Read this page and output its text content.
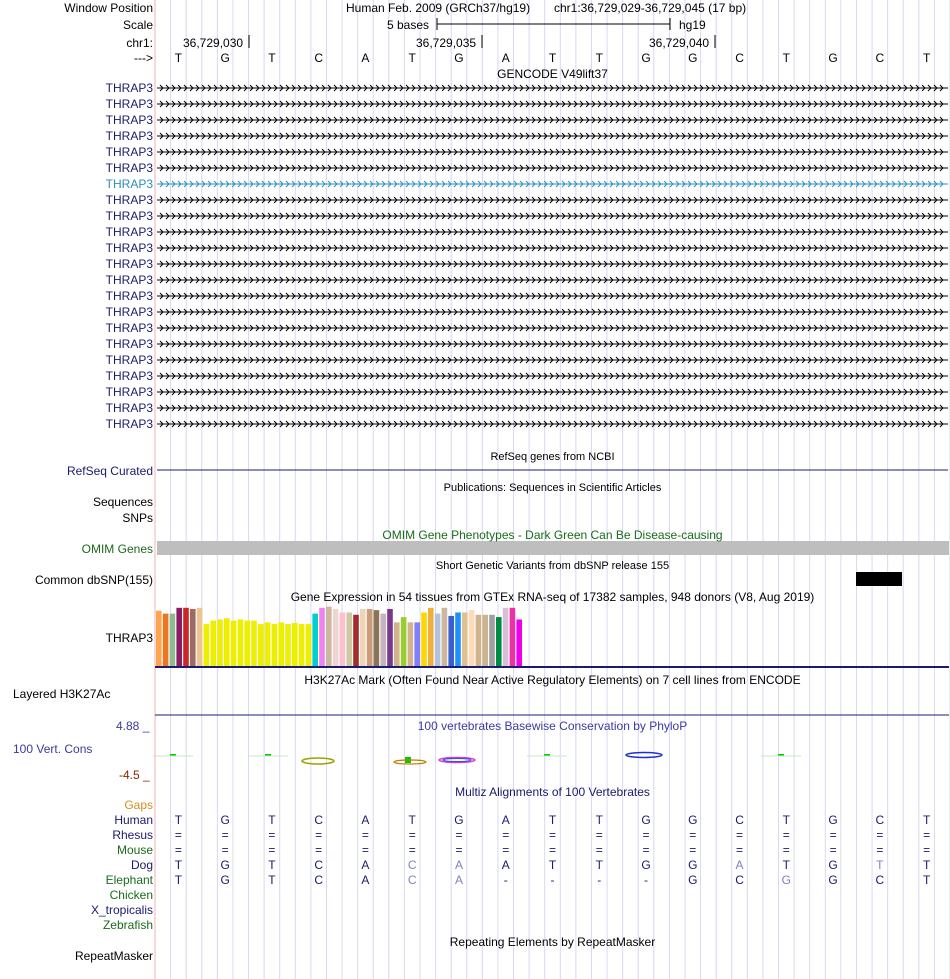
Window Position	Human Feb. 2009 (GRCh37/hg19) chr1:36,729,029-36,729,045 (17 bp)
Scale	5 bases	hg19
chr1:	36,729,030	36,729,035	36,729,040
--->	T	G	T	C	A	T	G	A	T	T	G	G	C	T	G	C	T
GENCODE V49lift37
THRAP3
THRAP3
THRAP3
THRAP3
THRAP3
THRAP3
THRAP3
THRAP3
THRAP3
THRAP3
THRAP3
THRAP3
THRAP3
THRAP3
THRAP3
THRAP3
THRAP3
THRAP3
THRAP3
THRAP3
THRAP3
THRAP3
RefSeq genes from NCBI
RefSeq Curated
Publications: Sequences in Scientific Articles
Sequences
SNPs
OMIM Gene Phenotypes - Dark Green Can Be Disease-causing
OMIM Genes
Short Genetic Variants from dbSNP release 155
Common dbSNP(155)
Gene Expression in 54 tissues from GTEx RNA-seq of 17382 samples, 948 donors (V8, Aug 2019)
THRAP3
H3K27Ac Mark (Often Found Near Active Regulatory Elements) on 7 cell lines from ENCODE
Layered H3K27Ac
100 vertebrates Basewise Conservation by PhyloP
4.88 _
100 Vert. Cons
-4.5 _
Multiz Alignments of 100 Vertebrates
Gaps
Human	T	G	T	C	A	T	G	A	T	T	G	G	C	T	G	C	T
Rhesus	=	=	=	=	=	=	=	=	=	=	=	=	=	=	=	=	=
Mouse	=	=	=	=	=	=	=	=	=	=	=	=	=	=	=	=	=
Dog	T	G	T	C	A	C	A	A	T	T	G	G	A	T	G	T	T
Elephant	T	G	T	C	A	C	A	-	-	-	-	G	C	G	G	C	T
Chicken
X_tropicalis
Zebrafish
Repeating Elements by RepeatMasker
RepeatMasker
